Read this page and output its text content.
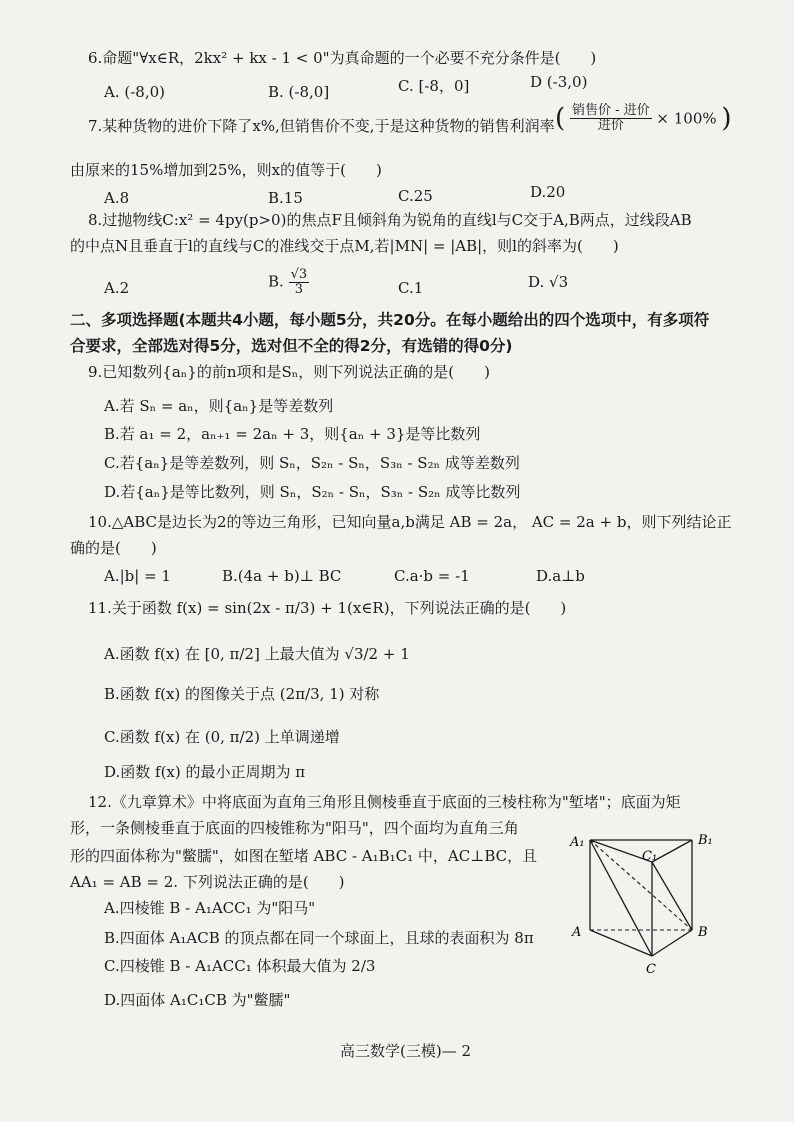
6.命题"∀x∈R，2kx² + kx - 1 < 0"为真命题的一个必要不充分条件是(　　)
A. (-8,0)	B. (-8,0]	C. [-8，0]	D (-3,0)
7.某种货物的进价下降了x%,但销售价不变,于是这种货物的销售利润率 ( $\frac{\text{销售价 - 进价}}{\text{进价}} \times 100\%$ )
由原来的15%增加到25%，则x的值等于(　　)
A.8	B.15	C.25	D.20
8.过抛物线C:x² = 4py(p>0)的焦点F且倾斜角为锐角的直线l与C交于A,B两点，过线段AB
的中点N且垂直于l的直线与C的准线交于点M,若|MN| = |AB|，则l的斜率为(　　)
A.2	B. $\frac{√3}{3}$	C.1	D. √3
二、多项选择题(本题共4小题，每小题5分，共20分。在每小题给出的四个选项中，有多项符
合要求，全部选对得5分，选对但不全的得2分，有选错的得0分)
9.已知数列{aₙ}的前n项和是Sₙ，则下列说法正确的是(　　)
A.若 Sₙ = aₙ，则{aₙ}是等差数列
B.若 a₁ = 2，aₙ₊₁ = 2aₙ + 3，则{aₙ + 3}是等比数列
C.若{aₙ}是等差数列，则 Sₙ，S₂ₙ - Sₙ，S₃ₙ - S₂ₙ 成等差数列
D.若{aₙ}是等比数列，则 Sₙ，S₂ₙ - Sₙ，S₃ₙ - S₂ₙ 成等比数列
10.△ABC是边长为2的等边三角形，已知向量a,b满足 AB = 2a， AC = 2a + b，则下列结论正
确的是(　　)
A.|b| = 1	B.(4a + b)⊥ BC	C.a·b = -1	D.a⊥b
11.关于函数 f(x) = sin(2x - π/3) + 1(x∈R)，下列说法正确的是(　　)
A.函数 f(x) 在 [0, π/2] 上最大值为 √3/2 + 1
B.函数 f(x) 的图像关于点 (2π/3, 1) 对称
C.函数 f(x) 在 (0, π/2) 上单调递增
D.函数 f(x) 的最小正周期为 π
12.《九章算术》中将底面为直角三角形且侧棱垂直于底面的三棱柱称为"堑堵"；底面为矩
形，一条侧棱垂直于底面的四棱锥称为"阳马"，四个面均为直角三角
形的四面体称为"鳖臑"，如图在堑堵 ABC - A₁B₁C₁ 中，AC⊥BC，且
AA₁ = AB = 2. 下列说法正确的是(　　)
A.四棱锥 B - A₁ACC₁ 为"阳马"
B.四面体 A₁ACB 的顶点都在同一个球面上，且球的表面积为 8π
C.四棱锥 B - A₁ACC₁ 体积最大值为 2/3
D.四面体 A₁C₁CB 为"鳖臑"
A₁	B₁
C₁
A	B
C
高三数学(三模)— 2
